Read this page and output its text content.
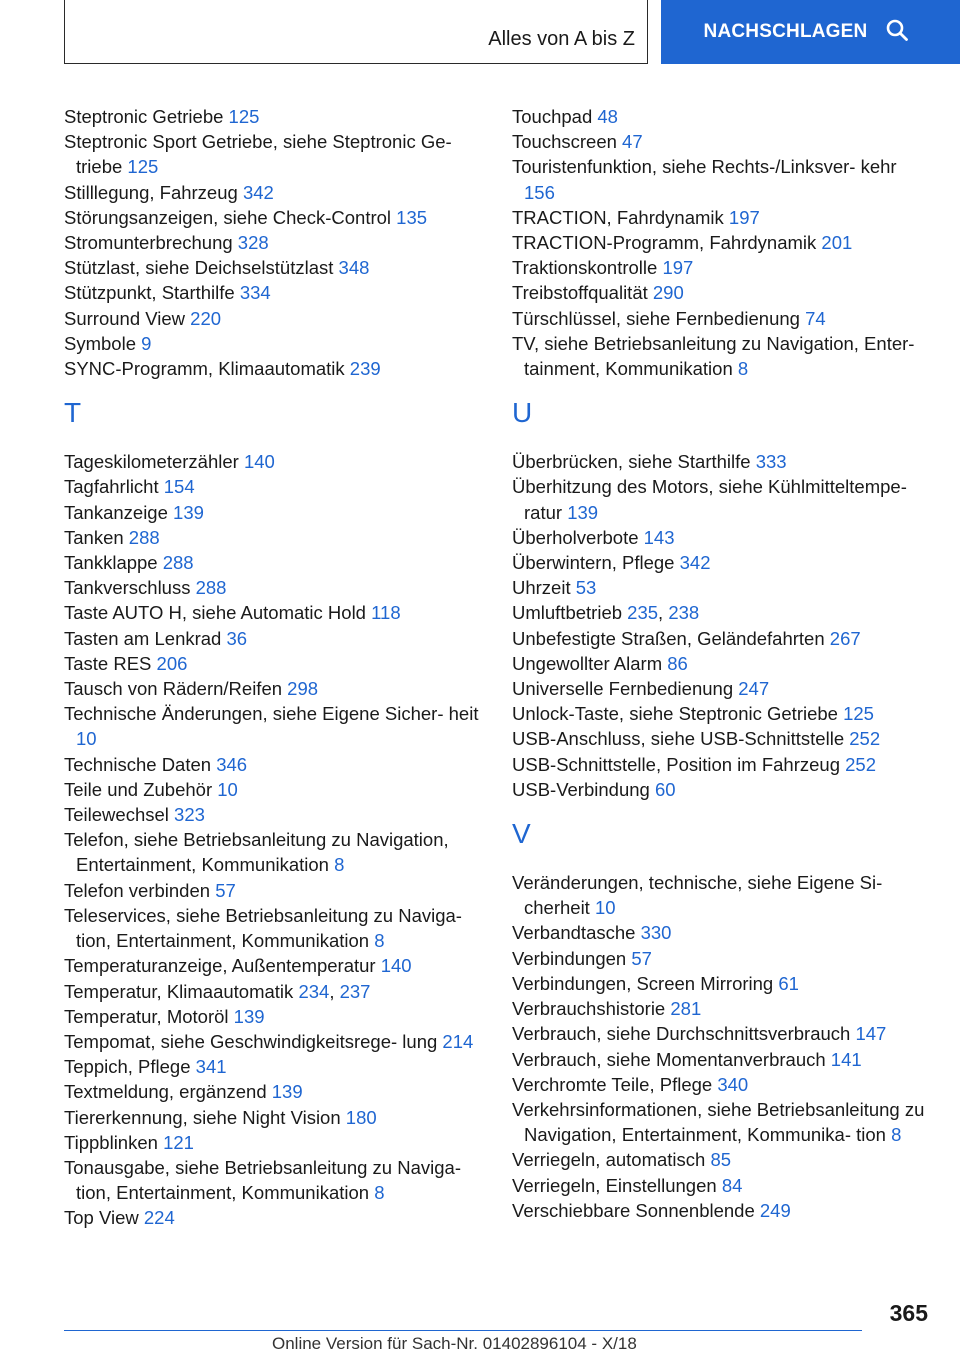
Alles von A bis Z	NACHSCHLAGEN
Steptronic Getriebe 125
Steptronic Sport Getriebe, siehe Steptronic Ge‐ triebe 125
Stilllegung, Fahrzeug 342
Störungsanzeigen, siehe Check-Control 135
Stromunterbrechung 328
Stützlast, siehe Deichselstützlast 348
Stützpunkt, Starthilfe 334
Surround View 220
Symbole 9
SYNC-Programm, Klimaautomatik 239
T
Tageskilometerzähler 140
Tagfahrlicht 154
Tankanzeige 139
Tanken 288
Tankklappe 288
Tankverschluss 288
Taste AUTO H, siehe Automatic Hold 118
Tasten am Lenkrad 36
Taste RES 206
Tausch von Rädern/Reifen 298
Technische Änderungen, siehe Eigene Sicher‐ heit 10
Technische Daten 346
Teile und Zubehör 10
Teilewechsel 323
Telefon, siehe Betriebsanleitung zu Navigation, Entertainment, Kommunikation 8
Telefon verbinden 57
Teleservices, siehe Betriebsanleitung zu Naviga‐ tion, Entertainment, Kommunikation 8
Temperaturanzeige, Außentemperatur 140
Temperatur, Klimaautomatik 234, 237
Temperatur, Motoröl 139
Tempomat, siehe Geschwindigkeitsrege‐ lung 214
Teppich, Pflege 341
Textmeldung, ergänzend 139
Tiererkennung, siehe Night Vision 180
Tippblinken 121
Tonausgabe, siehe Betriebsanleitung zu Naviga‐ tion, Entertainment, Kommunikation 8
Top View 224
Touchpad 48
Touchscreen 47
Touristenfunktion, siehe Rechts-/Linksver‐ kehr 156
TRACTION, Fahrdynamik 197
TRACTION-Programm, Fahrdynamik 201
Traktionskontrolle 197
Treibstoffqualität 290
Türschlüssel, siehe Fernbedienung 74
TV, siehe Betriebsanleitung zu Navigation, Enter‐ tainment, Kommunikation 8
U
Überbrücken, siehe Starthilfe 333
Überhitzung des Motors, siehe Kühlmitteltempe‐ ratur 139
Überholverbote 143
Überwintern, Pflege 342
Uhrzeit 53
Umluftbetrieb 235, 238
Unbefestigte Straßen, Geländefahrten 267
Ungewollter Alarm 86
Universelle Fernbedienung 247
Unlock-Taste, siehe Steptronic Getriebe 125
USB-Anschluss, siehe USB-Schnittstelle 252
USB-Schnittstelle, Position im Fahrzeug 252
USB-Verbindung 60
V
Veränderungen, technische, siehe Eigene Si‐ cherheit 10
Verbandtasche 330
Verbindungen 57
Verbindungen, Screen Mirroring 61
Verbrauchshistorie 281
Verbrauch, siehe Durchschnittsverbrauch 147
Verbrauch, siehe Momentanverbrauch 141
Verchromte Teile, Pflege 340
Verkehrsinformationen, siehe Betriebsanleitung zu Navigation, Entertainment, Kommunika‐ tion 8
Verriegeln, automatisch 85
Verriegeln, Einstellungen 84
Verschiebbare Sonnenblende 249
365
Online Version für Sach-Nr. 01402896104 - X/18
